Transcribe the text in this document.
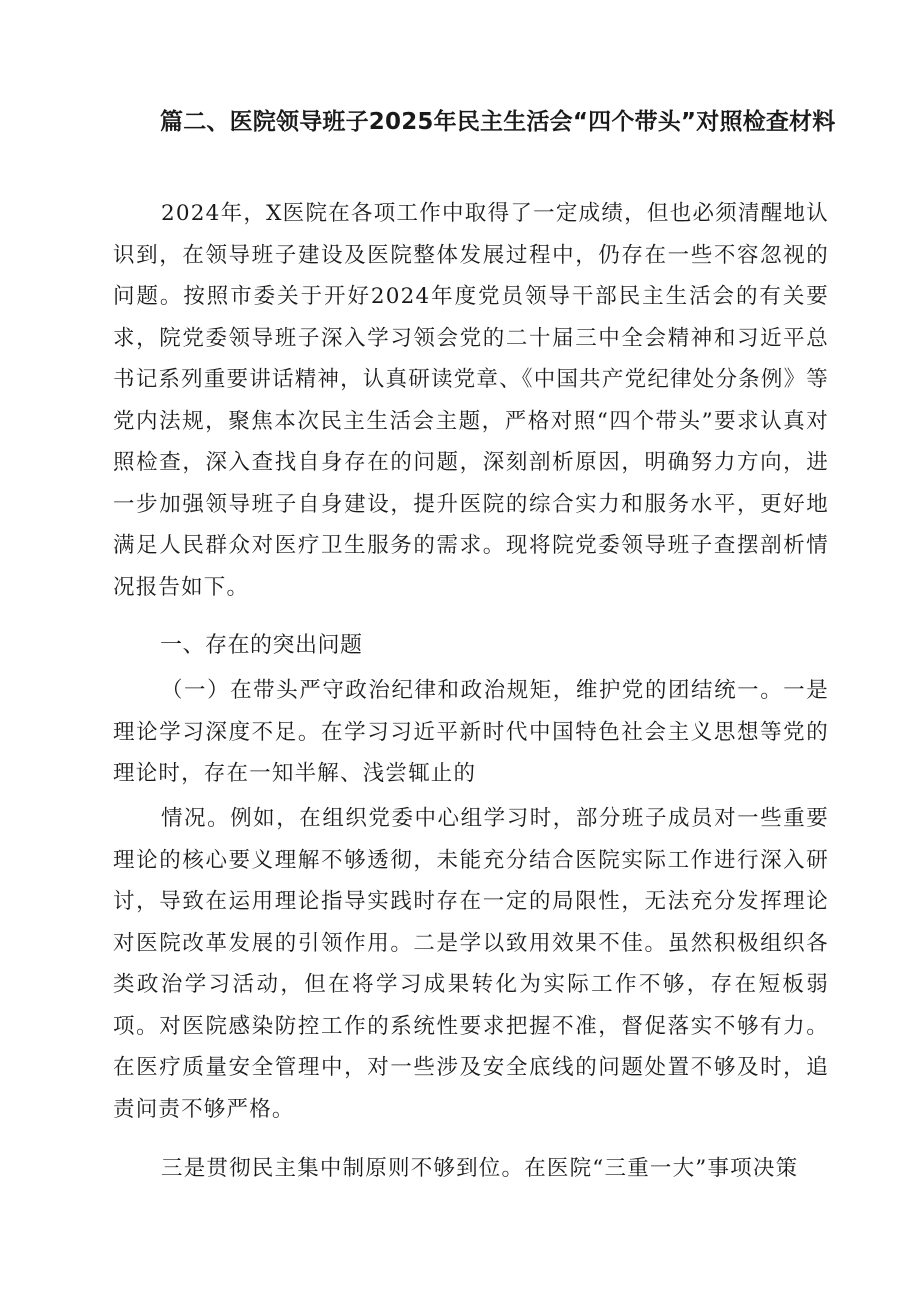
篇二、医院领导班子2025年民主生活会“四个带头”对照检查材料

2024年，X医院在各项工作中取得了一定成绩，但也必须清醒地认识到，在领导班子建设及医院整体发展过程中，仍存在一些不容忽视的问题。按照市委关于开好2024年度党员领导干部民主生活会的有关要求，院党委领导班子深入学习领会党的二十届三中全会精神和习近平总书记系列重要讲话精神，认真研读党章、《中国共产党纪律处分条例》等党内法规，聚焦本次民主生活会主题，严格对照“四个带头”要求认真对照检查，深入查找自身存在的问题，深刻剖析原因，明确努力方向，进一步加强领导班子自身建设，提升医院的综合实力和服务水平，更好地满足人民群众对医疗卫生服务的需求。现将院党委领导班子查摆剖析情况报告如下。

一、存在的突出问题

（一）在带头严守政治纪律和政治规矩，维护党的团结统一。一是理论学习深度不足。在学习习近平新时代中国特色社会主义思想等党的理论时，存在一知半解、浅尝辄止的

情况。例如，在组织党委中心组学习时，部分班子成员对一些重要理论的核心要义理解不够透彻，未能充分结合医院实际工作进行深入研讨，导致在运用理论指导实践时存在一定的局限性，无法充分发挥理论对医院改革发展的引领作用。二是学以致用效果不佳。虽然积极组织各类政治学习活动，但在将学习成果转化为实际工作不够，存在短板弱项。对医院感染防控工作的系统性要求把握不准，督促落实不够有力。在医疗质量安全管理中，对一些涉及安全底线的问题处置不够及时，追责问责不够严格。

三是贯彻民主集中制原则不够到位。在医院“三重一大”事项决策
